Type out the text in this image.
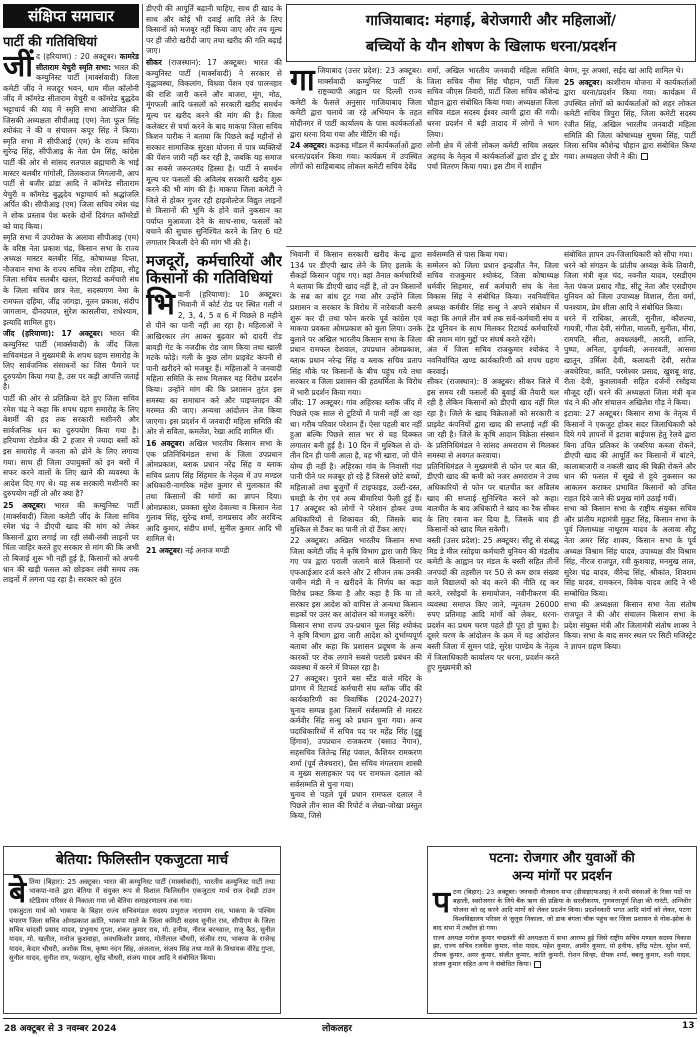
संक्षिप्त समाचार
पार्टी की गतिविधियां

जीं द (हरियाणा) : 20 अक्टूबर। कामरेड सीताराम येचुरी स्मृति सभा: भारत की कम्युनिस्ट पार्टी (मार्क्सवादी) जिला कमेटी जींद ने मजदूर भवन, धाम मील कॉलोनी जींद में कॉमरेड सीताराम येचुरी व कॉमरेड बुद्धदेव भट्टाचार्य की याद में स्मृति सभा आयोजित की जिसकी अध्यक्षता सीपीआइ (एम) नेता फूल सिंह श्योकंद ने की व संचालन कपूर सिंह ने किया। स्मृति सभा में सीपीआई (एम) के राज्य सचिव सुरेन्द्र सिंह, सीपीआइ के नेता प्रेम सिंह, कांग्रेस पार्टी की ओर से सांसद सतपाल ब्रह्मचारी के भाई मास्टर बलबीर गांगोली, तिलकराज मिगलानी, आप पार्टी से बजीर ढांडा आदि ने कॉमरेड सीताराम येचुरी व कॉमरेड बुद्धदेव भट्टाचार्य को श्रद्धांजलि अर्पित की। सीपीआइ (एम) जिला सचिव रमेश चंद्र ने शोक प्रस्ताव पेश करके दोनों दिवंगत कॉमरेडों को याद किया।

स्मृति सभा में उपरोक्त के अलावा सीपीआइ (एम) के वरिष्ठ नेता प्रकाश चंद्र, किसान सभा के राज्य अध्यक्ष मास्टर बलबीर सिंह, कोषाध्यक्ष दिप्ता, नौजवान सभा के राज्य सचिव नरेश टाहिया, सीटू जिला सचिव सतबीर खरल, रिटायर्ड कर्मचारी संघ के जिला सचिव छात्र नेता, सदस्यगण नेमा के रामफल दहिया, जींद्र जांगड़ा, नूतन प्रकाश, संदीप जागलान, दीनदयाल, सुरेश कासलीया, राधेश्याम, इत्यादि शामिल हुए।

जींद (हरियाणा): 17 अक्टूबर। भारत की कम्युनिस्ट पार्टी (मार्क्सवादी) के जींद जिला सचिवमंडल ने मुख्यमंत्री के शपथ ग्रहण समारोह के लिए सार्वजनिक संसाधनों का जिस पैमाने पर दुरुपयोग किया गया है, उस पर कड़ी आपत्ति जताई है।

पार्टी की ओर से प्रतिक्रिया देते हुए जिला सचिव रमेश चंद्र ने कहा कि शपथ ग्रहण समारोह के लिए बेशर्मी की हद तक सरकारी मशीनरी और सार्वजनिक धन का दुरुपयोग किया गया है। हरियाणा रोडवेज की 2 हजार से ज्यादा बसों को इस समारोह में जनता को ढोने के लिए लगाया गया। साथ ही जिला उपायुक्तों को इन बसों में सफर करने वालों के लिए खाने की व्यवस्था के आदेश दिए गए थे। यह सब सरकारी मशीनरी का दुरुपयोग नहीं तो और क्या है?

25 अक्टूबर। भारत की कम्युनिस्ट पार्टी (मार्क्सवादी) जिला कमेटी जींद के जिला सचिव रमेश चंद्र ने डीएपी खाद की मांग को लेकर किसानों द्वारा लगाई जा रही लंबी-लंबी लाइनों पर चिंता जाहिर करते हुए सरकार से मांग की कि अभी तो बिजाई शुरू भी नहीं हुई है, किसानों को अपनी धान की खड़ी फसल को छोड़कर लंबी समय तक लाइनों में लगना पड़ रहा है। सरकार को तुरंत

डीएपी की आपूर्ति बढ़ानी चाहिए, साथ ही खाद के साथ और कोई भी दवाई आदि लेने के लिए किसानों को मजबूर नहीं किया जाए और तय मूल्य पर ही जीरो खरीदी जाए तथा खरीद की गति बढ़ाई जाए।

सीकर (राजस्थान): 17 अक्टूबर। भारत की कम्युनिस्ट पार्टी (मार्क्सवादी) ने सरकार से वृद्धावस्था, विकलांग, विधवा पेंशन एवं पालनहार की राशि जारी करने और बाजरा, मूंग, मोठ, मूंगफली आदि फसलों को सरकारी खरीद समर्थन मूल्य पर खरीद करने की मांग की है। जिला कलेक्टर से चर्चा करने के बाद माकपा जिला सचिव किशन पारीक ने बताया कि पिछले कई महीनों से सरकार सामाजिक सुरक्षा योजना में पात्र व्यक्तियों की पेंशन जारी नहीं कर रही है, जबकि यह समाज का सबसे जरूरतमंद हिस्सा है। पार्टी ने समर्थन मूल्य पर फसलों की अविलंब सरकारी खरीद शुरू करने की भी मांग की है। माकपा जिला कमेटी ने जिले से होकर गुजर रही हाइवोल्टेज विद्युत लाइनों से किसानों की भूमि के होने वाले नुकसान का पर्याप्त मुआवजा देने के साथ-साथ, फसलों को बचाने की सुचारु सुनिश्चित करने के लिए 6 घंटे लगातार बिजली देने की मांग भी की है।

मजदूरों, कर्मचारियों और किसानों की गतिविधियां

भि वानी (हरियाणा): 10 अक्टूबर। भिवानी में कोर्ट रोड पर स्थित गली नं 2, 3, 4, 5 व 6 में पिछले 8 महीने से पीने का पानी नहीं आ रहा है। महिलाओं ने आखिरकार तंग आकर बुढ़वार को दादरी रोड बावड़ी गेट के नजदीक रोड जाम किया तथा खाली मटके फोड़े। गली के कुछ लोग प्राइवेट कंपनी से पानी खरीदने को मजबूर हैं। महिलाओं ने जनवादी महिला समिति के साथ मिलकर यह विरोध प्रदर्शन किया। उन्होंने मांग की कि प्रशासन तुरंत इस समस्या का समाधान करे और पाइपलाइन की मरम्मत की जाए। अन्यथा आंदोलन तेज किया जाएगा। इस प्रदर्शन में जनवादी महिला समिति की ओर से सविता, कमलेश, रेखा आदि शामिल थीं।

16 अक्टूबर। अखिल भारतीय किसान सभा के एक प्रतिनिधिमंडल सभा के जिला उपप्रधान ओमप्रकाश, ब्लाक प्रधान नरेंद्र सिंह व ब्लाक सचिव प्रताप सिंह सिंहमार के नेतृत्व में उप मण्डल अधिकारी-नागरिक महेश कुमार से मुलाकात की तथा किसानों की मांगों का ज्ञापन दिया। ओमप्रकाश, प्रवक्ता सुरेश देवाल्या व किसान नेता गुलाब सिंह, सुरेन्द्र शर्मा, रामप्रसाद और अरविन्द आदि कुमार, संदीप शर्मा, सुनील कुमार आदि भी शामिल थे।

21 अक्टूबर। नई अनाज मण्डी

गाजियाबाद: मंहगाई, बेरोजगारी और महिलाओं/
बच्चियों के यौन शोषण के खिलाफ धरना/प्रदर्शन

गाजियाबाद (उत्तर प्रदेश): 23 अक्टूबर। मार्क्सवादी कम्युनिस्ट पार्टी के राष्ट्रव्यापी आह्वान पर दिल्ली राज्य कमेटी के फैसले अनुसार गाजियाबाद जिला कमेटी द्वारा चलाये जा रहे अभियान के तहत मोदीनगर में पार्टी कार्यालय के पास कार्यकर्ताओं द्वारा धरना दिया गया और मीटिंग की गई।

24 अक्टूबर। कड़कड़ मॉडल में कार्यकर्ताओं द्वारा धरना/प्रदर्शन किया गया। कार्यक्रम में उपस्थित लोगों को साहिबाबाद लोकल कमेटी सचिव देवेंद्र

शर्मा, अखिल भारतीय जनवादी महिला समिति जिला सचिव नीमा सिंह चौहान, पार्टी जिला सचिव जीएस तिवारी, पार्टी जिला सचिव कौशेन्द्र चौहान द्वारा संबोधित किया गया। अध्यक्षता जिला सचिव मंडल सदस्य ईश्वर त्यागी द्वारा की गयी। धरना प्रदर्शन में बड़ी तादाद में लोगों ने भाग लिया।

लोनी क्षेत्र में लोनी लोकल कमेटी सचिव अख्तर अहमद के नेतृत्व में कार्यकर्ताओं द्वारा डोर टू डोर पर्चा वितरण किया गया। इस टीम में शाहीन

बेगम, नूर अफ्शां, सईद खां आदि शामिल थे।

25 अक्टूबर। काशीराम योजना में कार्यकर्ताओं द्वारा धरना/प्रदर्शन किया गया। कार्यक्रम में उपस्थित लोगों को कार्यकर्ताओं को शहर लोकल कमेटी सचिव त्रिपुरा सिंह, जिला कमेटी सदस्य रंजीत सिंह, अखिल भारतीय जनवादी महिला समिति की जिला कोषाध्यक्ष सुषमा सिंह, पार्टी जिला सचिव कौशेन्द्र चौहान द्वारा संबोधित किया गया। अध्यक्षता जेपी ने की।

भिवानी में किसान सरकारी खरीद केन्द्र द्वारा 134 पर डीएपी खाद लेने के लिए इलाके के सैकड़ों किसान पहुंच गए। वहां तैनात कर्मचारियों ने बताया कि डीएपी खाद नहीं है, तो उन किसानों के सब्र का बांध टूट गया और उन्होंने जिला प्रशासन व सरकार के विरोध में नारेबाजी करनी शुरू कर दी तथा फोन करके पूर्व कांग्रेस एवं माकपा प्रवक्ता ओमप्रकाश को बुला लिया। उनके बुलाने पर अखिल भारतीय किसान सभा के जिला प्रधान रामफल देशवाल, उपप्रधान ओमप्रकाश, ब्लाक प्रधान नरेन्द्र सिंह व ब्लाक सचिव प्रताप सिंह मौके पर किसानों के बीच पहुंच गये तथा सरकार व जिला प्रशासन की हठधर्मिता के विरोध में भारी प्रदर्शन किया गया।
जींद: 17 अक्टूबर। गांव अहिरका ब्लॉक जींद में पिछले एक साल से टूटियों में पानी नहीं आ रहा था। गरीब परिवार परेशान हैं। ऐसा पहली बार नहीं हुआ बल्कि पिछले साल भर से यह दिक्कत लगातार बनी हुई है। 10 दिन में मुश्किल से दो-तीन दिन ही पानी आता है, वह भी खारा, जो पीने योग्य ही नहीं है। अहिरका गांव के निवासी गंदा पानी पीने पर मजबूर हो रहे हैं जिससे छोटे बच्चों, महिलाओं तथा बुजुर्गों में टाइफाइड, उल्टी-दस्त, चमड़ी के रोग एवं अन्य बीमारियां फैली हुई हैं। 17 अक्टूबर को लोगों ने परेशान होकर उच्च अधिकारियों से शिकायत की, जिसके बाद मुश्किल से टैंकर का पानी तो दो टैंकर आए।
22 अक्टूबर। अखिल भारतीय किसान सभा जिला कमेटी जींद ने कृषि विभाग द्वारा जारी किए गए पत्र द्वारा पराली जलाने वाले किसानों पर एफआईआर दर्ज करने और 2 सीजन तक उनकी जमीन मंडी में न खरीदने के निर्णय का कड़ा विरोध प्रकट किया है और कहा है कि या तो सरकार इस आदेश को वापिस ले अन्यथा किसान सड़कों पर उतर कर आंदोलन को मजबूर करेंगे।
किसान सभा राज्य उप-प्रधान फूल सिंह श्योकंद ने कृषि विभाग द्वारा जारी आदेश को दुर्भाग्यपूर्ण बताया और कहा कि प्रशासन प्रदूषण के अन्य कारकों पर रोक लगाने सबसे पराली प्रबंधन की व्यवस्था में करने में विफल रहा है।
27 अक्टूबर। पुराने बस स्टैंड वाले मंदिर के प्रांगण में रिटायर्ड कर्मचारी संघ ब्लॉक जींद की कार्यकारिणी का त्रिवार्षिक (2024-2027) चुनाव सम्पन्न हुआ जिसमें सर्वसम्मति से मास्टर कर्मवीर सिंह सन्धु को प्रधान चुना गया। अन्य पदाधिकारियों में सचिव पद पर महेंद्र सिंह (दुड्डू हिंगाव), उपप्रधान राजकरण (बसाउ नैगान), सहसचिव जितेन्द्र सिंह पंवाल, कैशियर रामकरण शर्मा (पूर्व लैक्चरार), प्रैस सचिव मंगलराम शास्त्री व मुख्य सलाहकार पद पर रामफल दलाल को सर्वसम्मति से चुना गया।
चुनाव से पहले पूर्व प्रधान रामफल दलाल ने पिछले तीन साल की रिपोर्ट व लेखा-जोखा प्रस्तुत किया, जिसे
सर्वसम्मति से पास किया गया।
सम्मेलन को जिला प्रधान इन्द्रजीत नैन, जिला सचिव राजकुमार श्योकंद, जिला कोषाध्यक्ष धर्मवीर सिहमार, सर्व कर्मचारी संघ के नेता विकास सिंह ने संबोधित किया। नवनिर्वाचित अध्यक्ष कर्मवीर सिंह सन्धु ने अपने संबोधन में कहा कि अगले तीन वर्ष तक सर्व-कर्मचारी संघ व ट्रेड यूनियन के साथ मिलकर रिटायर्ड कर्मचारियों की तमाम मांग मुद्दों पर संघर्ष करते रहेंगे।
अंत में जिला सचिव राजकुमार श्योकंद ने नवनिर्वाचित खण्ड कार्यकारिणी को शपथ ग्रहण करवाई।
सीकर (राजस्थान): 8 अक्टूबर। सीकर जिले में इस समय रवी फसलों की बुवाई की तैयारी चल रही है लेकिन किसानों को डीएपी खाद नहीं मिल रहा है। जिले के खाद विक्रेताओं को सरकारी व प्राइवेट कंपनियों द्वारा खाद की सप्लाई नहीं की जा रही है। जिले के कृषि आदान विक्रेता संस्थान के प्रतिनिधिमंडल ने सांसद अमराराम से मिलकर समस्या से अवगत करवाया।
प्रतिनिधिमंडल ने मुख्यमंत्री से फोन पर बात की, डीएपी खाद की कमी को नजर अमराराम ने उच्च अधिकारियों से फोन पर बातचीत कर अविलंब खाद की सप्लाई सुनिश्चित करने को कहा। बातचीत के बाद अधिकारी ने खाद का रैक सीकर के लिए रवाना कर दिया है, जिसके बाद ही किसानों को खाद मिल सकेगी।
बस्ती (उत्तर प्रदेश): 25 अक्टूबर। सीटू से संबद्ध मिड डे मील रसोइया कर्मचारी यूनियन की मंडलीय कमेटी के आह्वान पर मंडल के बस्ती सहित तीनों जनपदों की तहसील पर 50 से कम छात्र संख्या वाले विद्यालयों को बंद करने की नीति रद्द कर करने, रसोइयों के समायोजन, नवीनीकरण की व्यवस्था समाप्त किए जाने, न्यूनतम 26000 रुपए प्रतिमाह आदि मांगों को लेकर, धरना-प्रदर्शन का प्रथम चरण पहले ही पूरा हो चुका है। दूसरे चरण के आंदोलन के क्रम में यह आंदोलन बस्ती जिला में सुमन पांडे, सुरेश पाण्डेय के नेतृत्व में जिलाधिकारी कार्यालय पर धरना, प्रदर्शन करते हुए मुख्यमंत्री को
संबोधित ज्ञापन उप-जिलाधिकारी को सौंपा गया।
धरने को संगठन के प्रांतीय अध्यक्ष केके तिवारी, जिला मंत्री बृज चंद, नवनीत यादव, एसडीएम नेता पंकज प्रसाद गौड़, सीटू नेता और एसडीएम युनियन को जिला उपाध्यक्ष विशाल, रीता वर्मा, घनश्याम, प्रेम शीला आदि ने संबोधित किया।
धरने में राधिका, आरती, सुनीता, कौशल्या, गायत्री, गीता देवी, संगीता, मालती, सुनीता, मीरा, रामपति, सीता, अवधलक्ष्मी, आरती, शान्ति, पुष्पा, अनिता, दुर्गावती, अनारवती, आसमा खातून, उर्मिला देवी, कलावती देवी, सरोज अवधेरिया, कांति, परमेश्वर प्रसाद, खुशबू शाह, रीता देवी, कुशलावती सहित दर्जनों रसोइया मौजूद रहीं। धरने की अध्यक्षता जिला मंत्री बृज चंद ने की और संचालन अखिलेश गौड़ ने किया।
इटावा: 27 अक्टूबर। किसान सभा के नेतृत्व में किसानों ने एकजुट होकर सदर जिलाधिकारी को दिये गये ज्ञापनों में इटावा बाईपास हेतु रेलवे द्वारा बिना उचित प्रतिकर के जबरिया कब्जा रोकने, डीएपी खाद की आपूर्ति कर किसानों में बांटने, कालाबाजारी व नकली खाद की बिक्री रोकने और धान की फसल में सूखे से हुये नुकसान का आकलन कराकर प्रभावित किसानों को उचित राहत दिये जाने की प्रमुख मांगें उठाई गयीं।
सभा को किसान सभा के राष्ट्रीय संयुक्त सचिव और प्रांतीय महामंत्री मुकुट सिंह, किसान सभा के पूर्व जिलाध्यक्ष नाथूराम यादव के अलावा सीटू नेता अमर सिंह शाक्य, किसान सभा के पूर्व अध्यक्ष विश्राम सिंह यादव, उपाध्यक्ष वीर विश्राम सिंह, नीरज राजपूत, रवी कुशवाह, मनमुख लाल, सुरेश चंद्र यादव, वीरेन्द्र सिंह, श्रीकांत, शिवराम सिंह यादव, रामकरन, विवेक यादव आदि ने भी सम्बोधित किया।
सभा की अध्यक्षता किसान सभा नेता संतोष राजपूत ने की और संचालन किसान सभा के प्रदेश संयुक्त मंत्री और जिलामंत्री संतोष शाक्य ने किया। सभा के बाद समर स्थल पर सिटी मजिस्ट्रेट ने ज्ञापन ग्रहण किया।
बेतिया: फिलिस्तीन एकजुटता मार्च

बेतिया (बिहार): 25 अक्टूबर। भारत की कम्युनिस्ट पार्टी (मार्क्सवादी), भारतीय कम्युनिस्ट पार्टी तथा भाकपा-माले द्वारा बेतिया में संयुक्त रूप से विशाल फिलिस्तीन एकजुटता मार्च राज देवड़ी टाउन स्टेडियम परिसर से निकाला गया जो बेतिया समाहरणालय तक गया।

एकजुटता मार्च को भाकपा के बिहार राज्य सचिवमंडल सदस्य प्रभुराज नारायण राव, भाकपा के पश्चिम चंपारण जिला सचिव ओमप्रकाश क्रांति, भाकपा माले के जिला कमिटी सदस्य सुनील राव, सीपीएम के जिला सचिव चांदसी प्रसाद यादव, प्रभुनाथ गुप्ता, शंकर कुमार राव, मो. हनीफ, नीरज बरनवाल, राजू कैठ, सुनील यादव, मो. खलील, मनोज कुशवाहा, अवधकिशोर प्रसाद, मोतीलाल चौधरी, संजीव राय, भाकपा के राजेन्द्र यादव, केदार चौधरी, अशोक मिश्र, कृष्ण नंदन सिंह, अंजलाल, संजय सिंह तथा माले के विधायक वीरेंद्र गुप्ता, सुनील यादव, सुनील राय, फरहान, सुरेंद्र चौधरी, संजय यादव आदि ने संबोधित किया।

पटना: रोजगार और युवाओं की
अन्य मांगों पर प्रदर्शन

पटना (बिहार): 23 अक्टूबर। जनवादी नौजवान सभा (डीवाइएफआइ) ने सभी संस्थाओं के रिक्त पदों पर बहाली, स्वरोजगार के लिये बैंक ऋण की प्रक्रिया के सरलीकरण, गुणवत्तापूर्ण शिक्षा की गारंटी, अग्निवीर योजना को रद्द करने आदि मांगों को लेकर प्रदर्शन किया। प्रदर्शनकारी भगत आदि मांगों को लेकर, पटना विश्वविद्यालय परिसर से जुलूस निकाला, जो डाक बंगला चौक पहुंच कर जिला प्रशासन से नोक-झोक के बाद सभा में तब्दील हो गया।

राज्य अध्यक्ष मनोज कुमार चन्द्रवंशी की अध्यक्षता में सभा आरम्भ हुई जिसे राष्ट्रीय सचिव मण्डल सदस्य विकास झा, राज्य सचिव रजनीश कुमार, नरेश यादव, महेश कुमार, आमीर कुमार, मो हनीफ, हरिंद्र पटेल, सुरेश वर्मा, दीपक कुमार, अमर कुमार, संजीत कुमार, कांति कुमारी, रोशन सिन्हा, दीपक शर्मा, बबलू कुमार, शशी यादव, संजय कुमार सहित अन्य ने संबोधित किया।

28 अक्टूबर से 3 नवम्बर 2024	लोकलहर	13
